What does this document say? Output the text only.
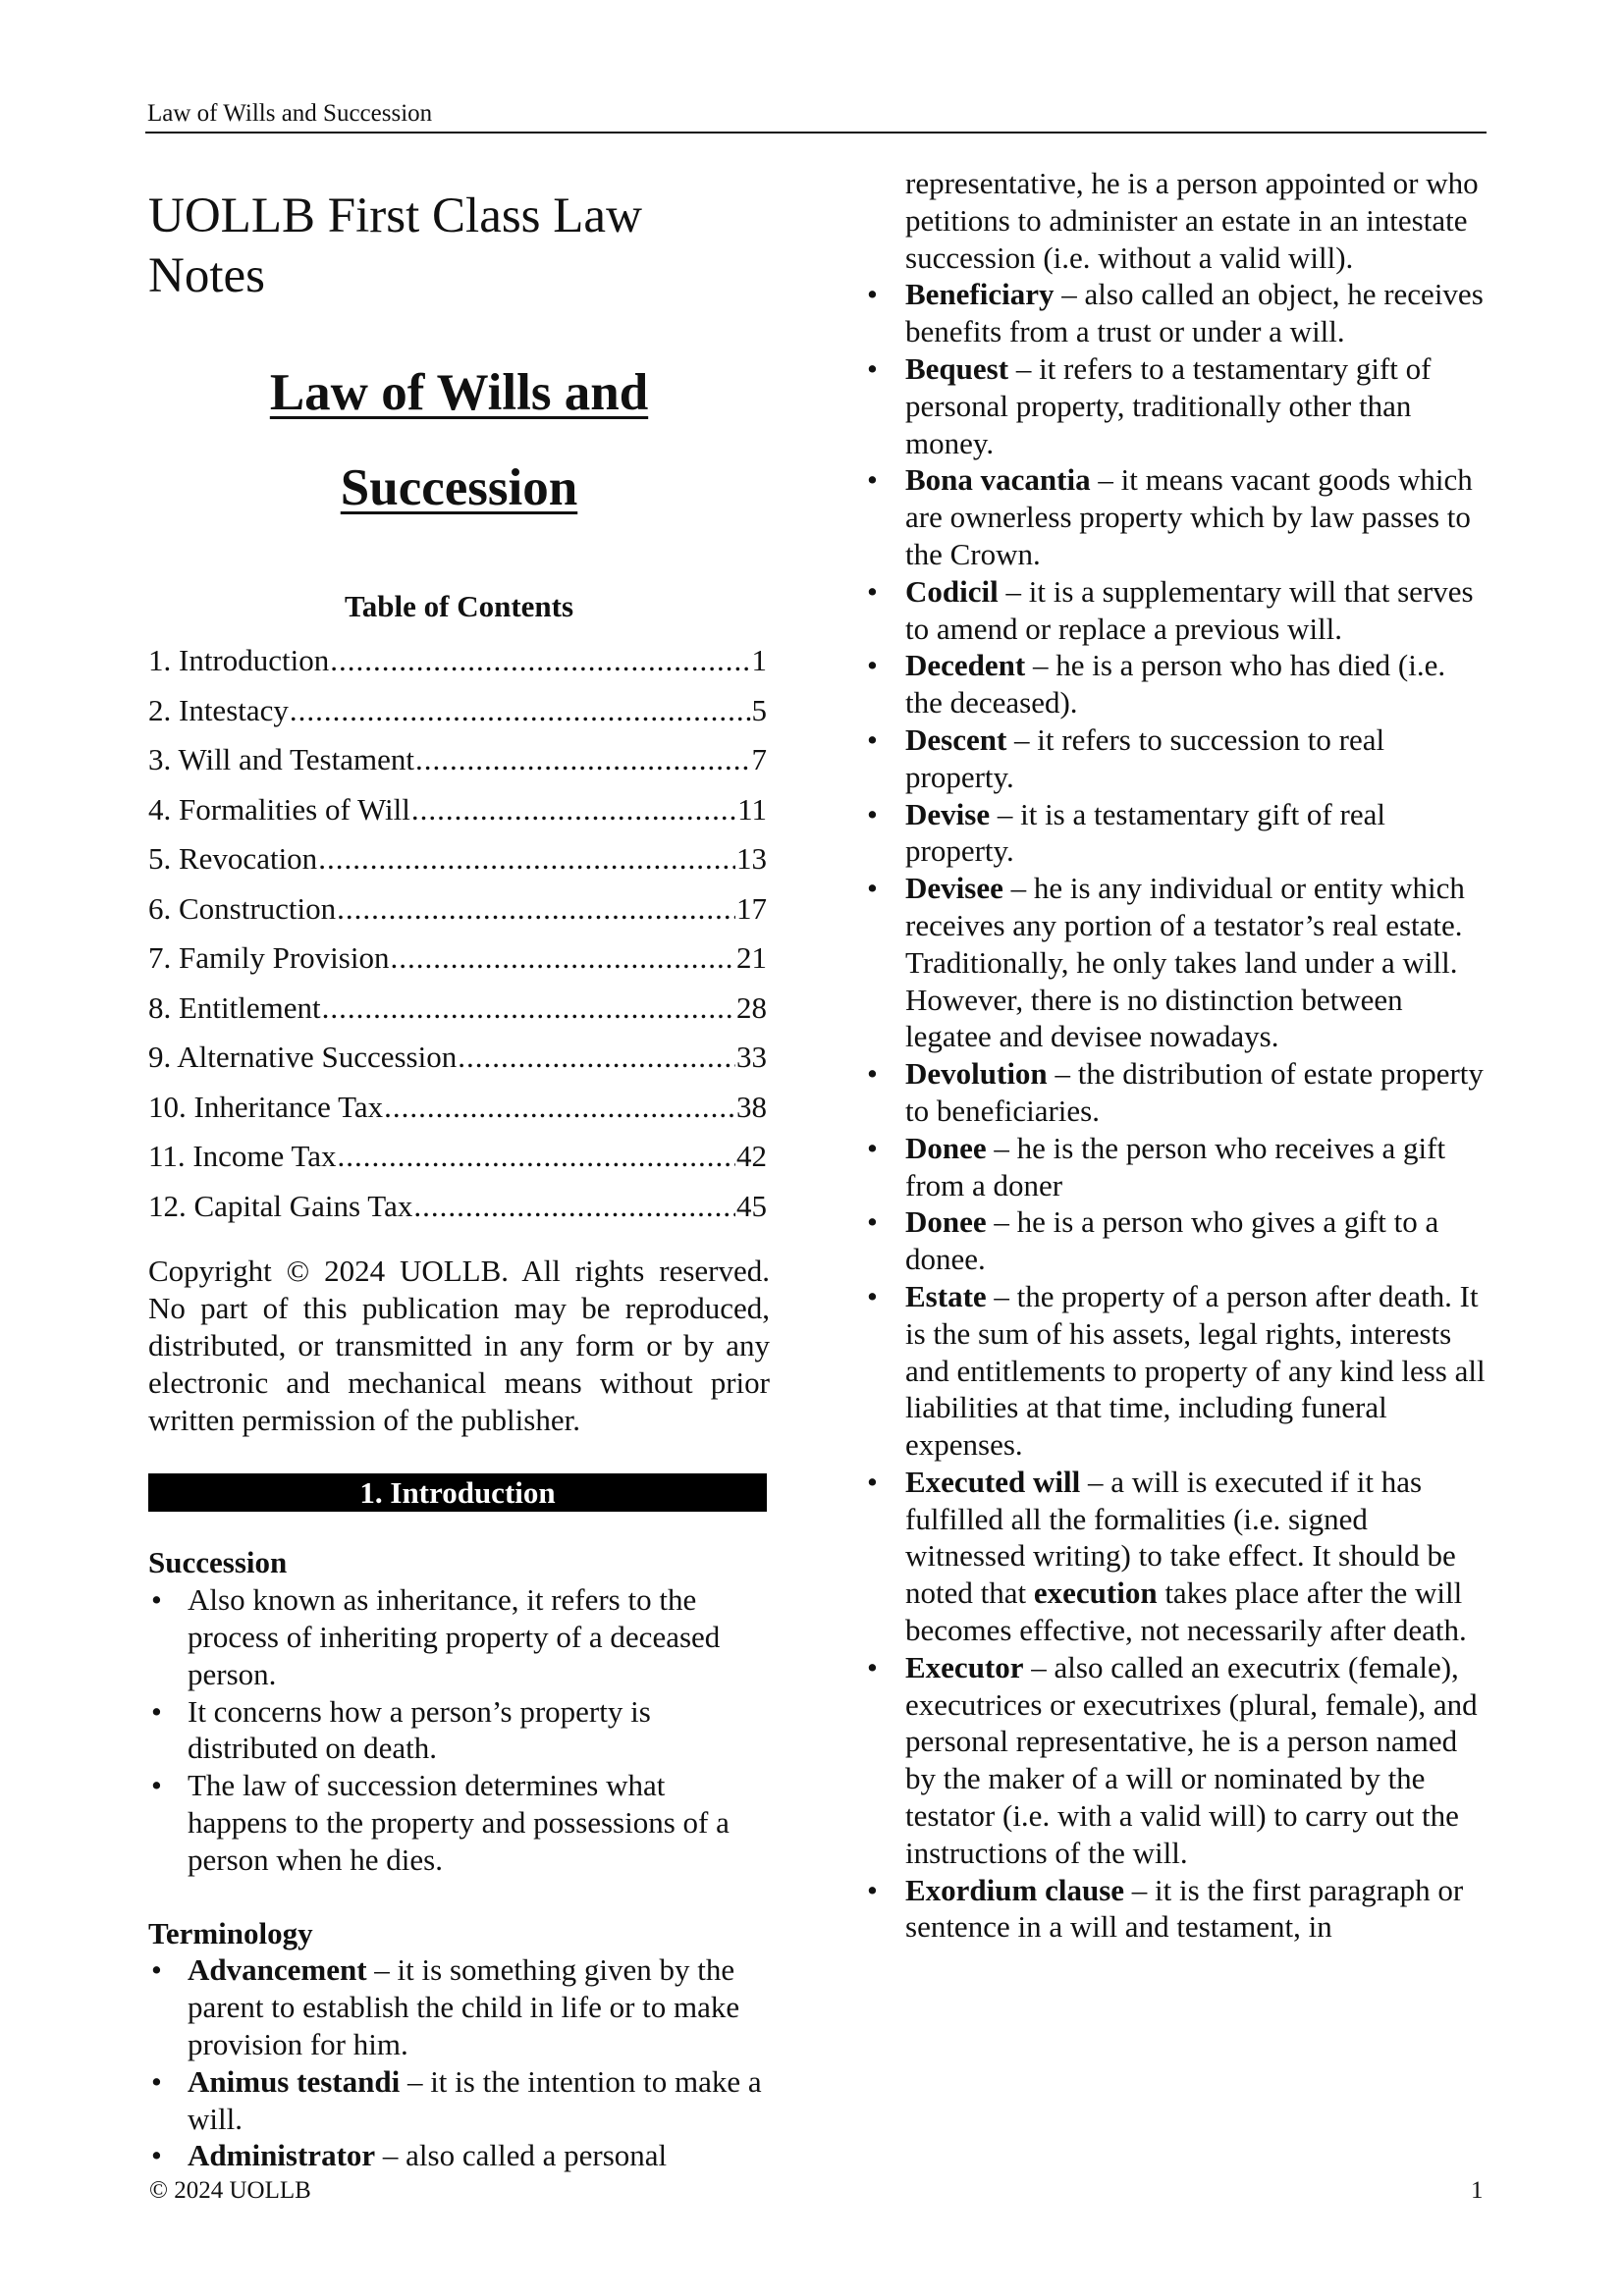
Law of Wills and Succession
UOLLB First Class Law Notes
Law of Wills and
Succession
Table of Contents
1. Introduction .....	1
2. Intestacy .....	5
3. Will and Testament .....	7
4. Formalities of Will .....	11
5. Revocation .....	13
6. Construction .....	17
7. Family Provision .....	21
8. Entitlement .....	28
9. Alternative Succession .....	33
10. Inheritance Tax .....	38
11. Income Tax .....	42
12. Capital Gains Tax .....	45

Copyright © 2024 UOLLB. All rights reserved. No part of this publication may be reproduced, distributed, or transmitted in any form or by any electronic and mechanical means without prior written permission of the publisher.

1. Introduction
Succession
• Also known as inheritance, it refers to the process of inheriting property of a deceased person.
• It concerns how a person’s property is distributed on death.
• The law of succession determines what happens to the property and possessions of a person when he dies.
Terminology
• Advancement – it is something given by the parent to establish the child in life or to make provision for him.
• Animus testandi – it is the intention to make a will.
• Administrator – also called a personal
representative, he is a person appointed or who petitions to administer an estate in an intestate succession (i.e. without a valid will).
• Beneficiary – also called an object, he receives benefits from a trust or under a will.
• Bequest – it refers to a testamentary gift of personal property, traditionally other than money.
• Bona vacantia – it means vacant goods which are ownerless property which by law passes to the Crown.
• Codicil – it is a supplementary will that serves to amend or replace a previous will.
• Decedent – he is a person who has died (i.e. the deceased).
• Descent – it refers to succession to real property.
• Devise – it is a testamentary gift of real property.
• Devisee – he is any individual or entity which receives any portion of a testator’s real estate. Traditionally, he only takes land under a will. However, there is no distinction between legatee and devisee nowadays.
• Devolution – the distribution of estate property to beneficiaries.
• Donee – he is the person who receives a gift from a doner
• Donee – he is a person who gives a gift to a donee.
• Estate – the property of a person after death. It is the sum of his assets, legal rights, interests and entitlements to property of any kind less all liabilities at that time, including funeral expenses.
• Executed will – a will is executed if it has fulfilled all the formalities (i.e. signed witnessed writing) to take effect. It should be noted that execution takes place after the will becomes effective, not necessarily after death.
• Executor – also called an executrix (female), executrices or executrixes (plural, female), and personal representative, he is a person named by the maker of a will or nominated by the testator (i.e. with a valid will) to carry out the instructions of the will.
• Exordium clause – it is the first paragraph or sentence in a will and testament, in
© 2024 UOLLB	1
